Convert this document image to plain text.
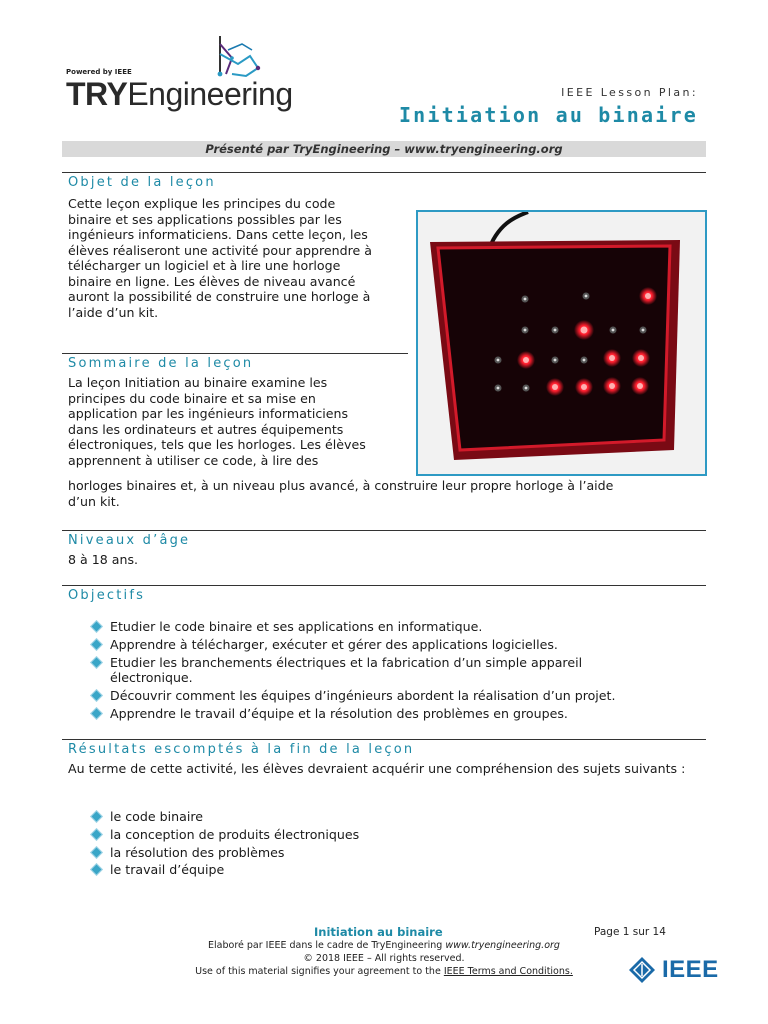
Powered by IEEE
TRYEngineering	IEEE Lesson Plan:
Initiation au binaire
Présenté par TryEngineering – www.tryengineering.org
Objet de la leçon
Cette leçon explique les principes du code
binaire et ses applications possibles par les
ingénieurs informaticiens. Dans cette leçon, les
élèves réaliseront une activité pour apprendre à
télécharger un logiciel et à lire une horloge
binaire en ligne. Les élèves de niveau avancé
auront la possibilité de construire une horloge à
l’aide d’un kit.
Sommaire de la leçon
La leçon Initiation au binaire examine les
principes du code binaire et sa mise en
application par les ingénieurs informaticiens
dans les ordinateurs et autres équipements
électroniques, tels que les horloges. Les élèves
apprennent à utiliser ce code, à lire des
horloges binaires et, à un niveau plus avancé, à construire leur propre horloge à l’aide
d’un kit.
Niveaux d’âge
8 à 18 ans.
Objectifs
Etudier le code binaire et ses applications en informatique.
Apprendre à télécharger, exécuter et gérer des applications logicielles.
Etudier les branchements électriques et la fabrication d’un simple appareil électronique.
Découvrir comment les équipes d’ingénieurs abordent la réalisation d’un projet.
Apprendre le travail d’équipe et la résolution des problèmes en groupes.
Résultats escomptés à la fin de la leçon
Au terme de cette activité, les élèves devraient acquérir une compréhension des sujets suivants :
le code binaire
la conception de produits électroniques
la résolution des problèmes
le travail d’équipe
Initiation au binaire	Page 1 sur 14
Elaboré par IEEE dans le cadre de TryEngineering www.tryengineering.org
© 2018 IEEE – All rights reserved.
Use of this material signifies your agreement to the IEEE Terms and Conditions.	IEEE
